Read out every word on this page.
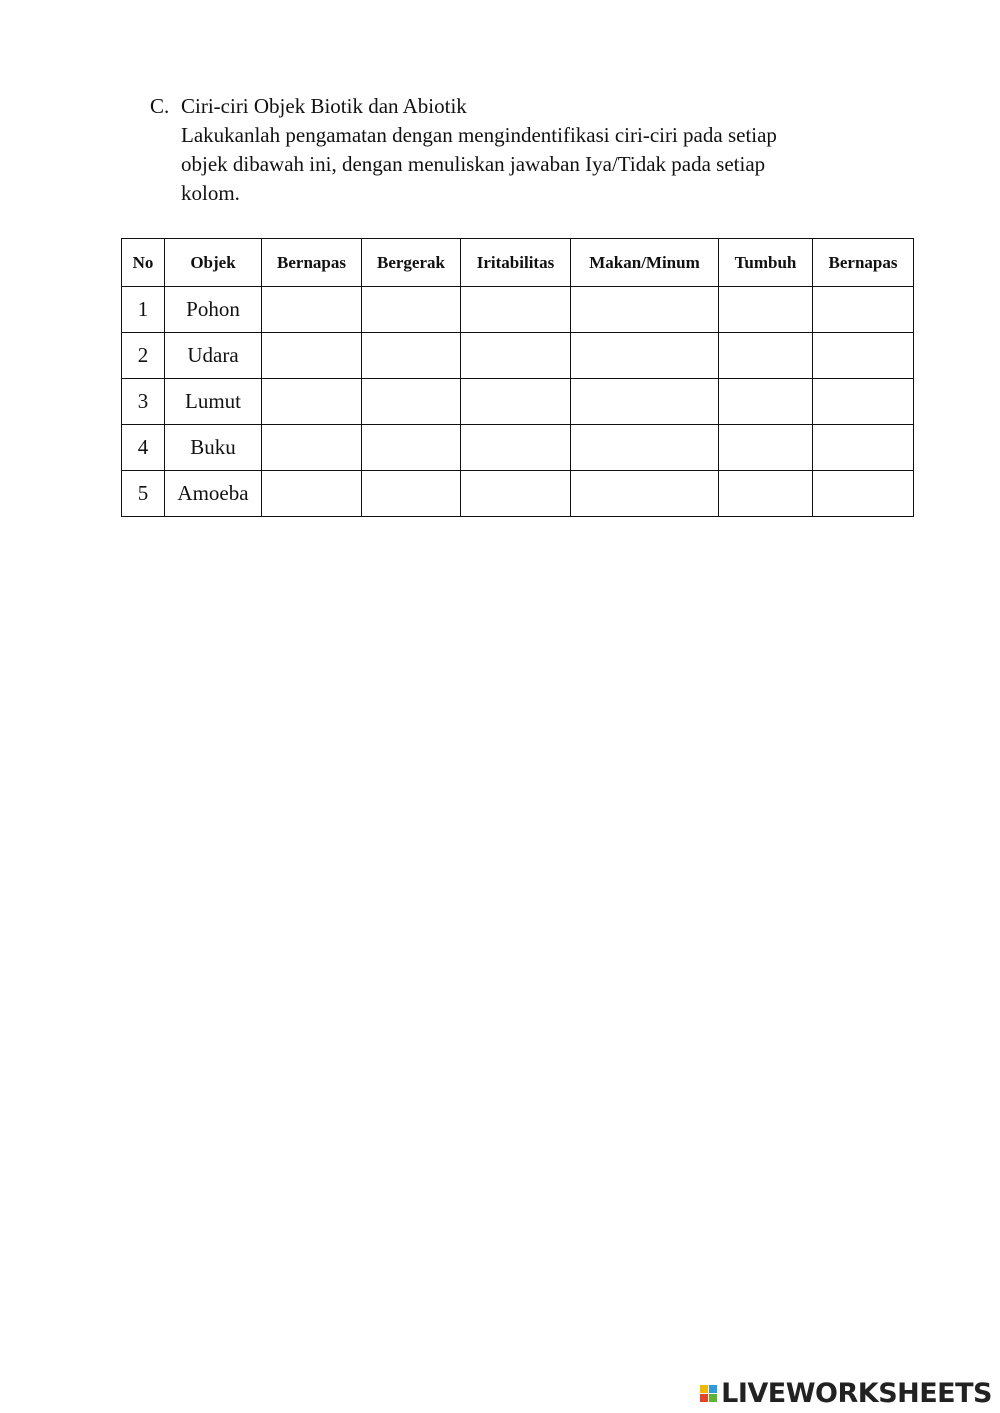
C. Ciri-ciri Objek Biotik dan Abiotik
Lakukanlah pengamatan dengan mengindentifikasi ciri-ciri pada setiap
objek dibawah ini, dengan menuliskan jawaban Iya/Tidak pada setiap
kolom.
No	Objek	Bernapas	Bergerak	Iritabilitas	Makan/Minum	Tumbuh	Bernapas
1	Pohon						
2	Udara						
3	Lumut						
4	Buku						
5	Amoeba						
LIVEWORKSHEETS
